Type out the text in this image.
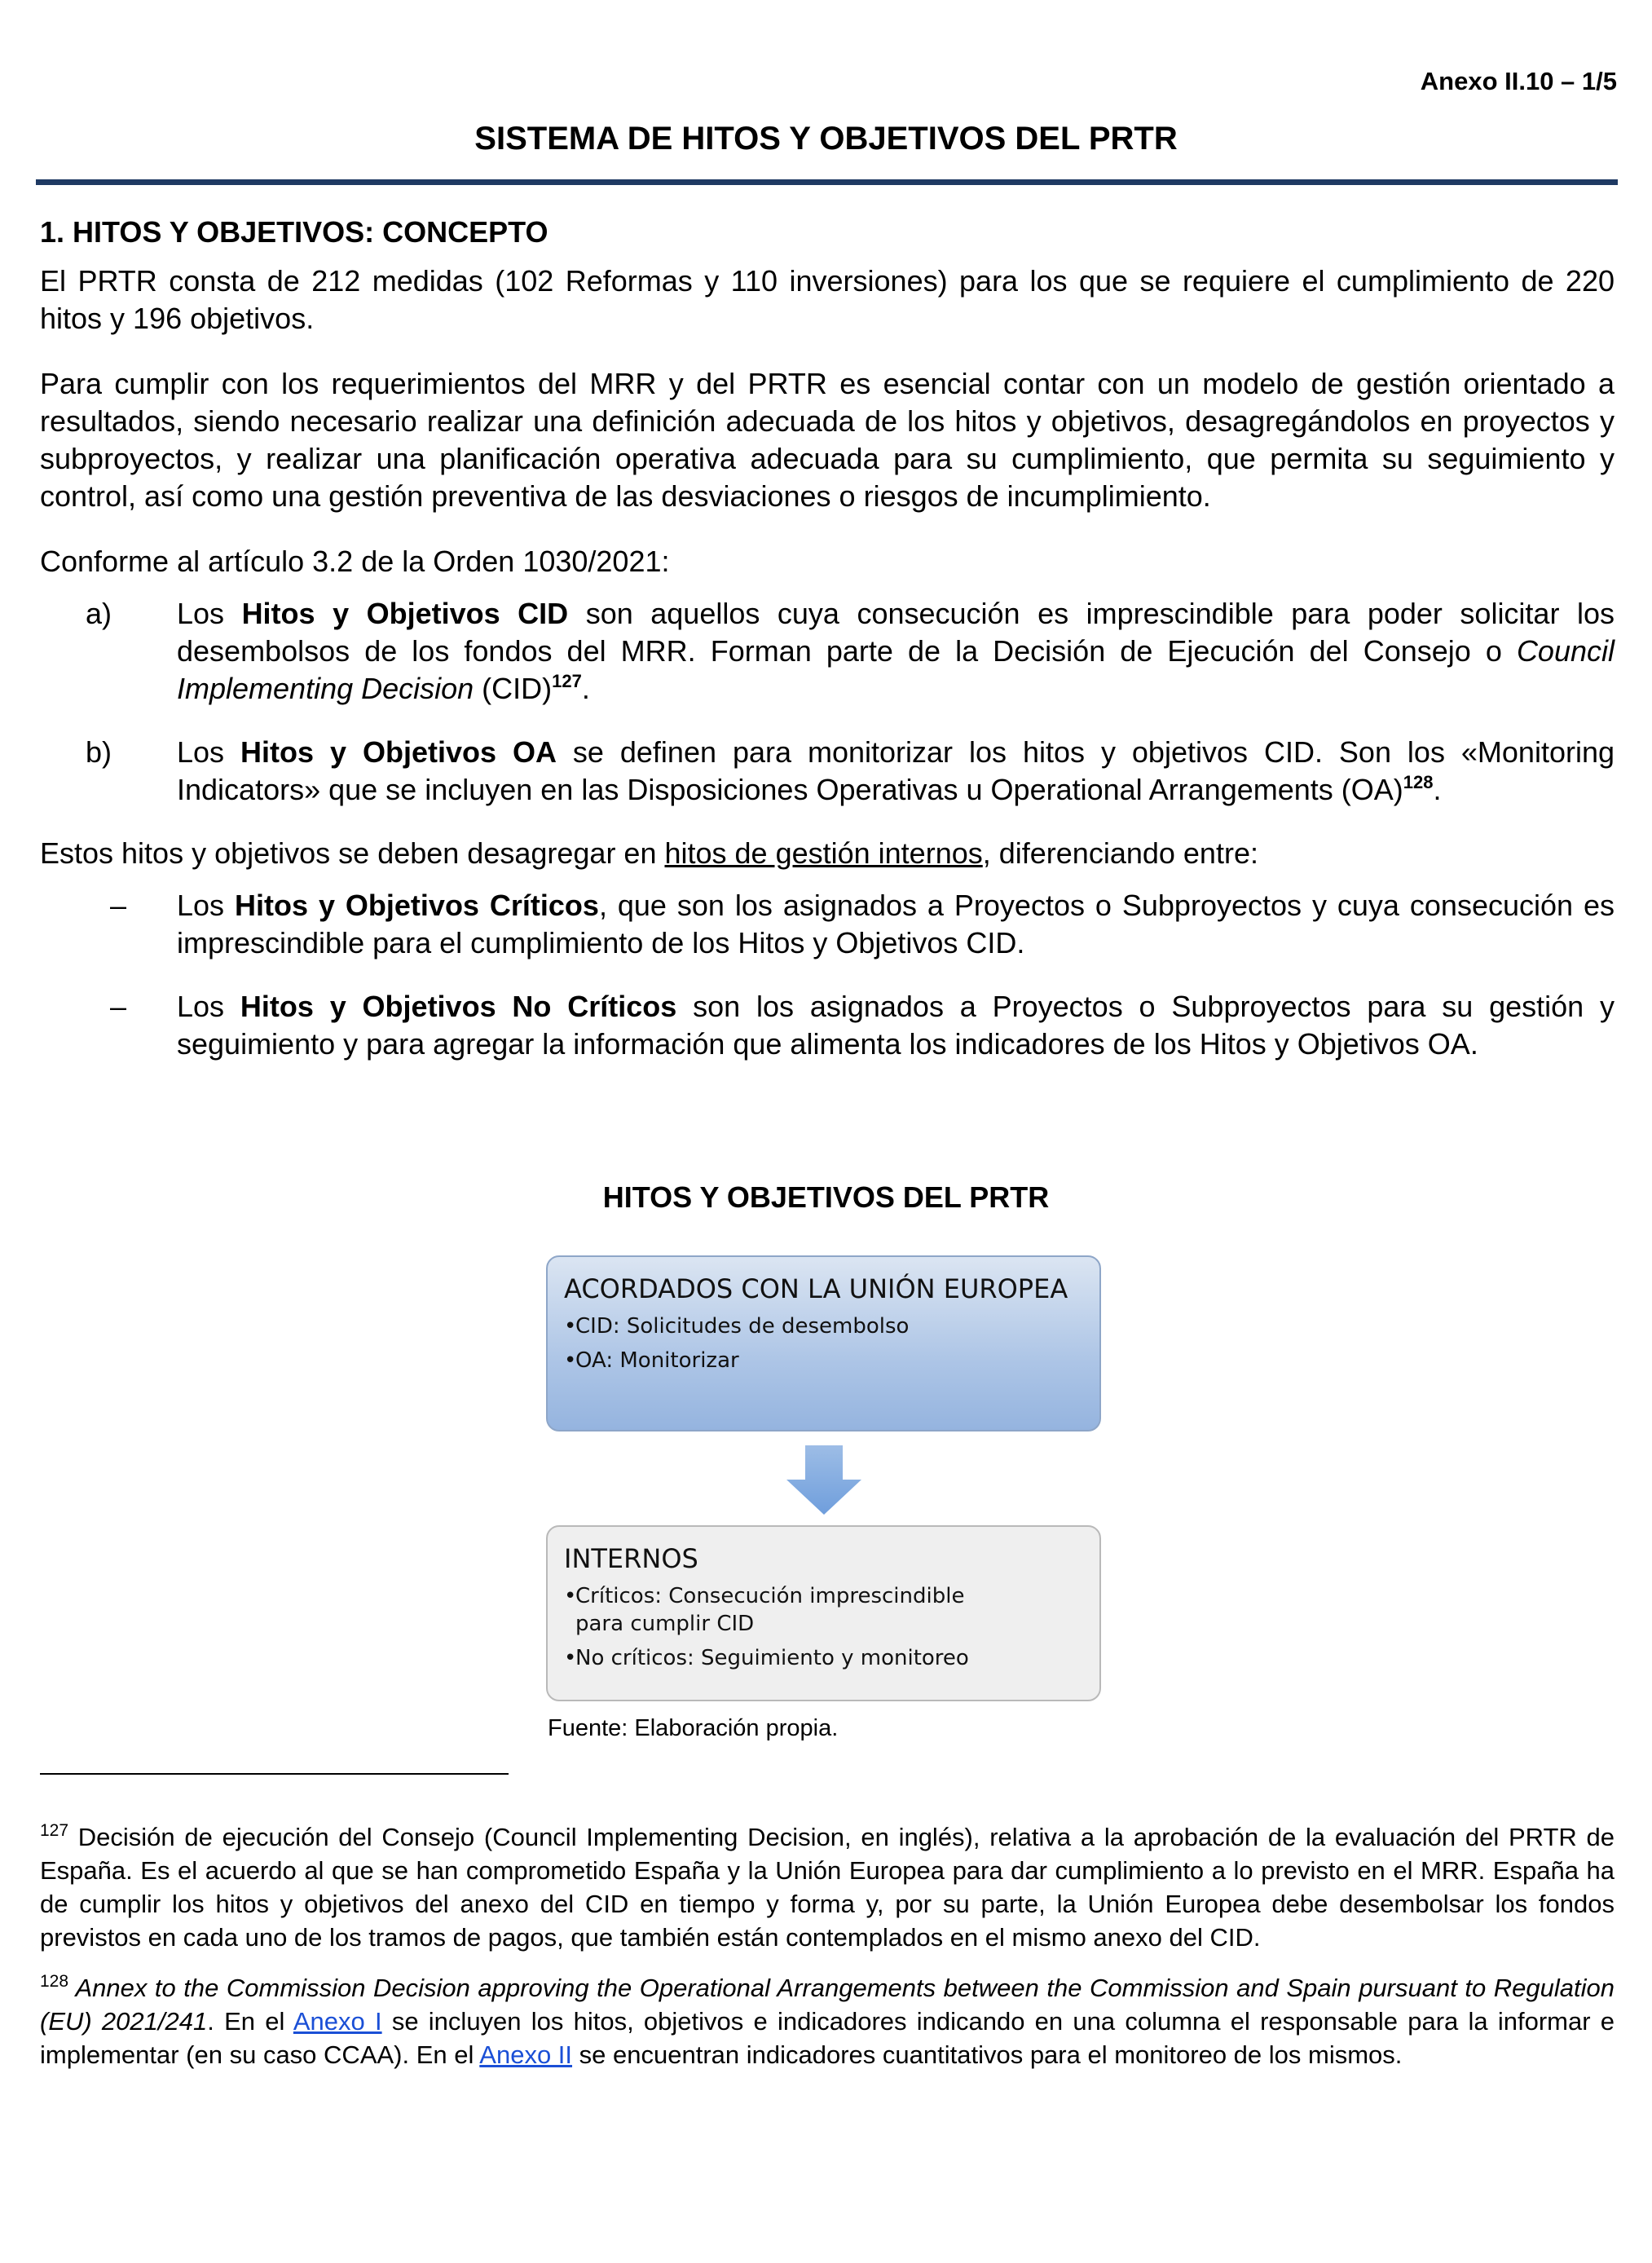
Anexo II.10 – 1/5
SISTEMA DE HITOS Y OBJETIVOS DEL PRTR
1. HITOS Y OBJETIVOS: CONCEPTO

El PRTR consta de 212 medidas (102 Reformas y 110 inversiones) para los que se requiere el cumplimiento de 220 hitos y 196 objetivos.

Para cumplir con los requerimientos del MRR y del PRTR es esencial contar con un modelo de gestión orientado a resultados, siendo necesario realizar una definición adecuada de los hitos y objetivos, desagregándolos en proyectos y subproyectos, y realizar una planificación operativa adecuada para su cumplimiento, que permita su seguimiento y control, así como una gestión preventiva de las desviaciones o riesgos de incumplimiento.

Conforme al artículo 3.2 de la Orden 1030/2021:

a)	Los Hitos y Objetivos CID son aquellos cuya consecución es imprescindible para poder solicitar los desembolsos de los fondos del MRR. Forman parte de la Decisión de Ejecución del Consejo o Council Implementing Decision (CID)$^{127}$.
b)	Los Hitos y Objetivos OA se definen para monitorizar los hitos y objetivos CID. Son los «Monitoring Indicators» que se incluyen en las Disposiciones Operativas u Operational Arrangements (OA)$^{128}$.

Estos hitos y objetivos se deben desagregar en hitos de gestión internos, diferenciando entre:

–	Los Hitos y Objetivos Críticos, que son los asignados a Proyectos o Subproyectos y cuya consecución es imprescindible para el cumplimiento de los Hitos y Objetivos CID.
–	Los Hitos y Objetivos No Críticos son los asignados a Proyectos o Subproyectos para su gestión y seguimiento y para agregar la información que alimenta los indicadores de los Hitos y Objetivos OA.
HITOS Y OBJETIVOS DEL PRTR
ACORDADOS CON LA UNIÓN EUROPEA
•
CID: Solicitudes de desembolso
•
OA: Monitorizar
INTERNOS
•
Críticos: Consecución imprescindible para cumplir CID
•
No críticos: Seguimiento y monitoreo
Fuente: Elaboración propia.

$^{127}$ Decisión de ejecución del Consejo (Council Implementing Decision, en inglés), relativa a la aprobación de la evaluación del PRTR de España. Es el acuerdo al que se han comprometido España y la Unión Europea para dar cumplimiento a lo previsto en el MRR. España ha de cumplir los hitos y objetivos del anexo del CID en tiempo y forma y, por su parte, la Unión Europea debe desembolsar los fondos previstos en cada uno de los tramos de pagos, que también están contemplados en el mismo anexo del CID.

$^{128}$ Annex to the Commission Decision approving the Operational Arrangements between the Commission and Spain pursuant to Regulation (EU) 2021/241. En el Anexo I se incluyen los hitos, objetivos e indicadores indicando en una columna el responsable para la informar e implementar (en su caso CCAA). En el Anexo II se encuentran indicadores cuantitativos para el monitoreo de los mismos.
